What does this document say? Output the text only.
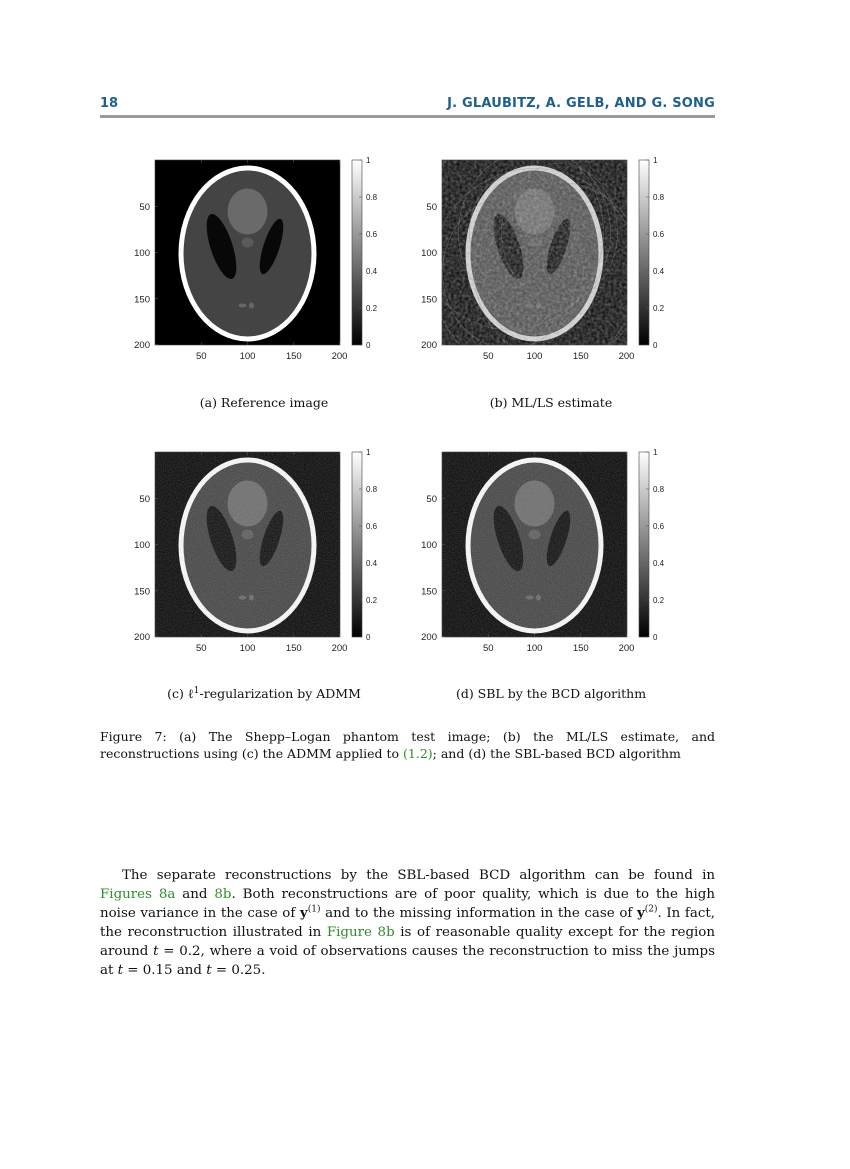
18	J. GLAUBITZ, A. GELB, AND G. SONG
50
50
100
100
150
150
200
200
1
0.8
0.6
0.4
0.2
0
50
50
100
100
150
150
200
200
1
0.8
0.6
0.4
0.2
0
50
50
100
100
150
150
200
200
1
0.8
0.6
0.4
0.2
0
50
50
100
100
150
150
200
200
1
0.8
0.6
0.4
0.2
0
(a) Reference image	(b) ML/LS estimate
(c) ℓ$^1$-regularization by ADMM	(d) SBL by the BCD algorithm
Figure 7: (a) The Shepp–Logan phantom test image; (b) the ML/LS estimate, and reconstructions using (c) the ADMM applied to (1.2); and (d) the SBL-based BCD algorithm
The separate reconstructions by the SBL-based BCD algorithm can be found in Figures 8a and 8b. Both reconstructions are of poor quality, which is due to the high noise variance in the case of $y^{(1)}$ and to the missing information in the case of $y^{(2)}$. In fact, the reconstruction illustrated in Figure 8b is of reasonable quality except for the region around t = 0.2, where a void of observations causes the reconstruction to miss the jumps at t = 0.15 and t = 0.25.
